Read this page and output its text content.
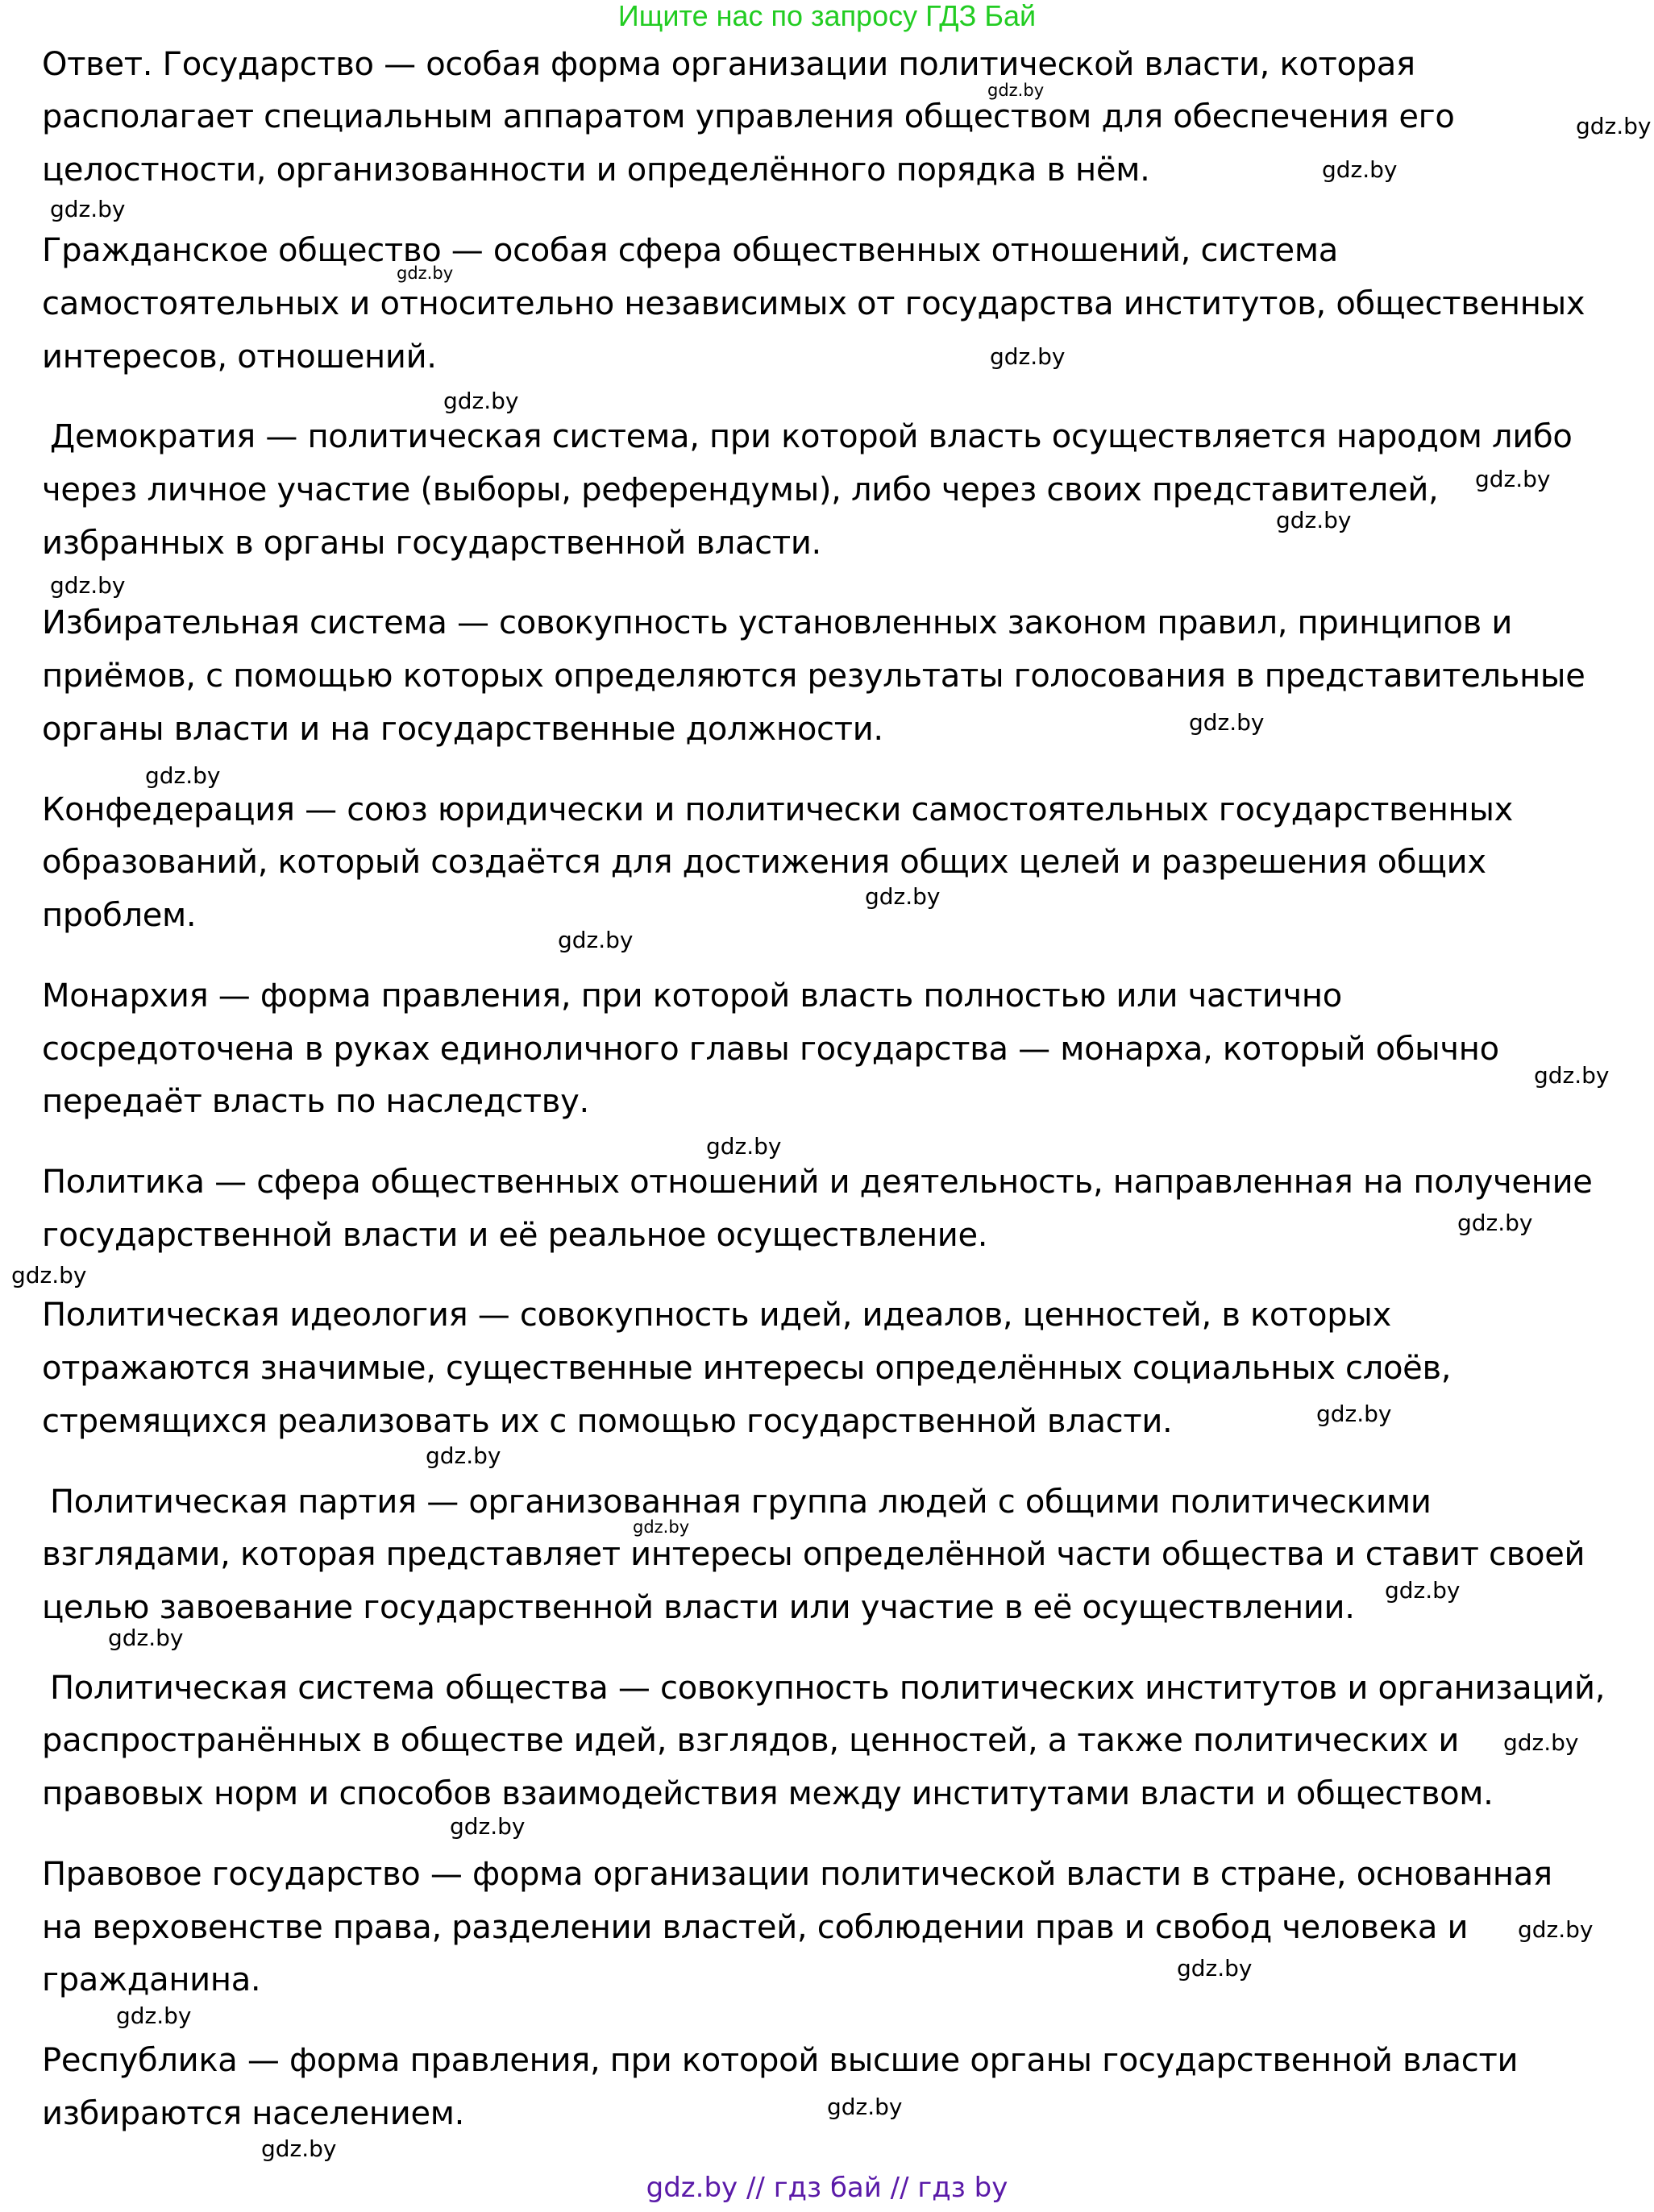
Ищите нас по запросу ГДЗ Бай
Ответ. Государство — особая форма организации политической власти, которая
располагает специальным аппаратом управления обществом для обеспечения его
целостности, организованности и определённого порядка в нём.
Гражданское общество — особая сфера общественных отношений, система
самостоятельных и относительно независимых от государства институтов, общественных
интересов, отношений.
Демократия — политическая система, при которой власть осуществляется народом либо
через личное участие (выборы, референдумы), либо через своих представителей,
избранных в органы государственной власти.
Избирательная система — совокупность установленных законом правил, принципов и
приёмов, с помощью которых определяются результаты голосования в представительные
органы власти и на государственные должности.
Конфедерация — союз юридически и политически самостоятельных государственных
образований, который создаётся для достижения общих целей и разрешения общих
проблем.
Монархия — форма правления, при которой власть полностью или частично
сосредоточена в руках единоличного главы государства — монарха, который обычно
передаёт власть по наследству.
Политика — сфера общественных отношений и деятельность, направленная на получение
государственной власти и её реальное осуществление.
Политическая идеология — совокупность идей, идеалов, ценностей, в которых
отражаются значимые, существенные интересы определённых социальных слоёв,
стремящихся реализовать их с помощью государственной власти.
Политическая партия — организованная группа людей с общими политическими
взглядами, которая представляет интересы определённой части общества и ставит своей
целью завоевание государственной власти или участие в её осуществлении.
Политическая система общества — совокупность политических институтов и организаций,
распространённых в обществе идей, взглядов, ценностей, а также политических и
правовых норм и способов взаимодействия между институтами власти и обществом.
Правовое государство — форма организации политической власти в стране, основанная
на верховенстве права, разделении властей, соблюдении прав и свобод человека и
гражданина.
Республика — форма правления, при которой высшие органы государственной власти
избираются населением.
gdz.by
gdz.by
gdz.by
gdz.by
gdz.by
gdz.by
gdz.by
gdz.by
gdz.by
gdz.by
gdz.by
gdz.by
gdz.by
gdz.by
gdz.by
gdz.by
gdz.by
gdz.by
gdz.by
gdz.by
gdz.by
gdz.by
gdz.by
gdz.by
gdz.by
gdz.by
gdz.by
gdz.by
gdz.by
gdz.by
gdz.by // гдз бай // гдз by
